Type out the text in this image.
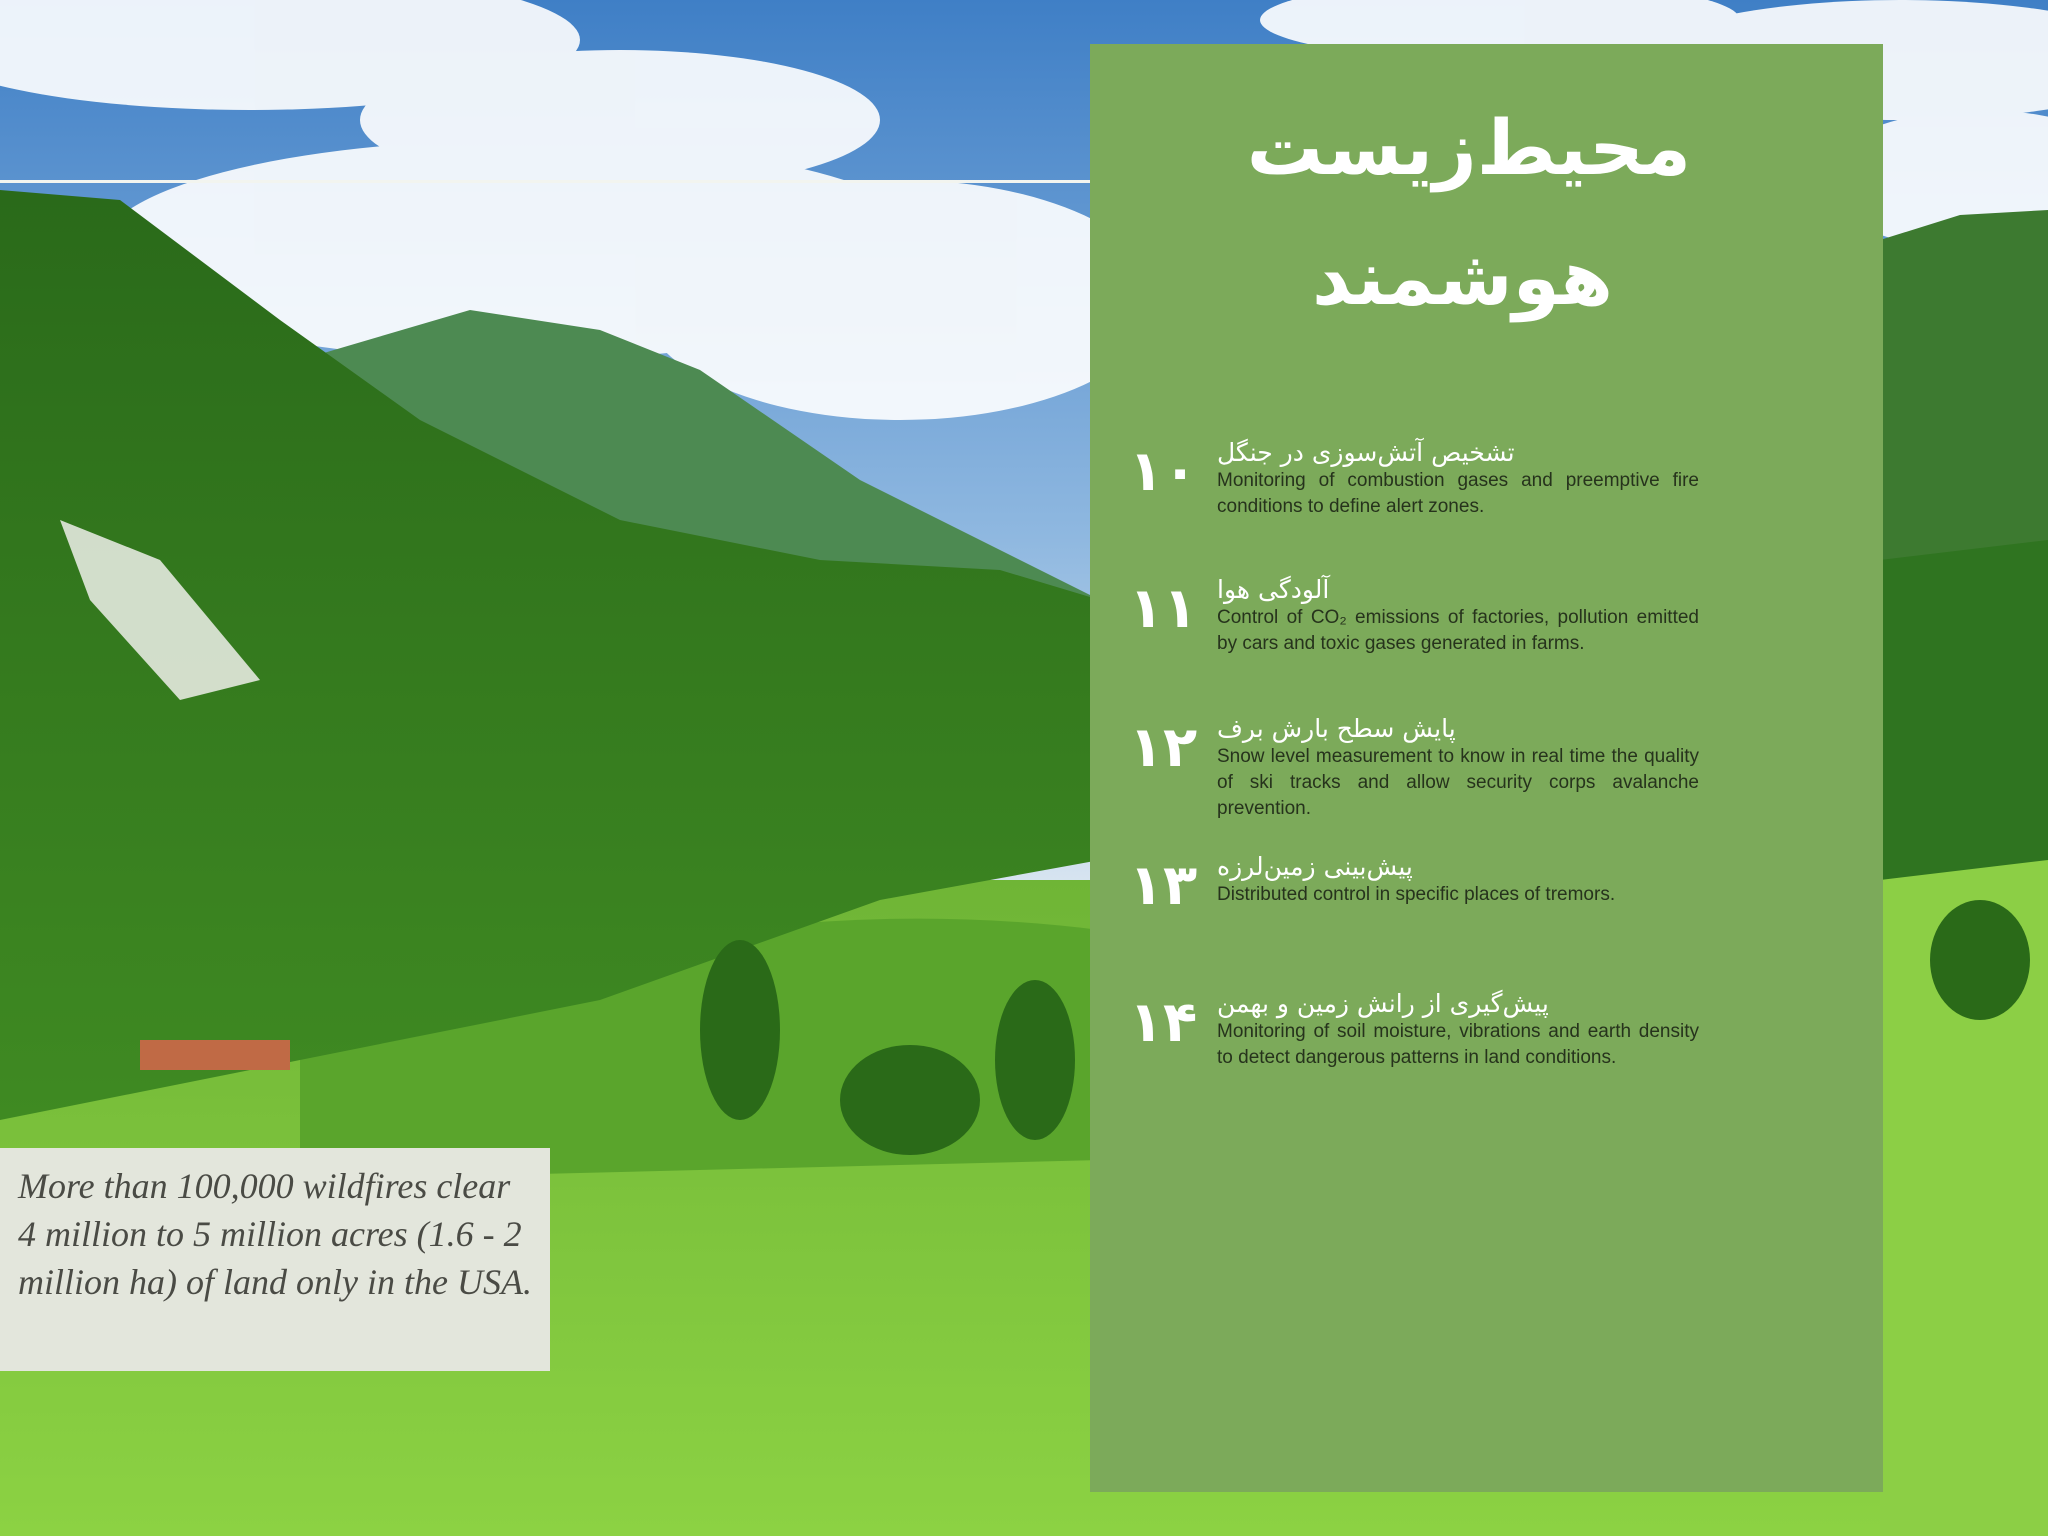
محیط‌زیست
هوشمند
۱۰ تشخیص آتش‌سوزی در جنگل
Monitoring of combustion gases and preemptive fire conditions to define alert zones.
۱۱ آلودگی هوا
Control of CO₂ emissions of factories, pollution emitted by cars and toxic gases generated in farms.
۱۲ پایش سطح بارش برف
Snow level measurement to know in real time the quality of ski tracks and allow security corps avalanche prevention.
۱۳ پیش‌بینی زمین‌لرزه
Distributed control in specific places of tremors.
۱۴ پیش‌گیری از رانش زمین و بهمن
Monitoring of soil moisture, vibrations and earth density to detect dangerous patterns in land conditions.
More than 100,000 wildfires clear 4 million to 5 million acres (1.6 - 2 million ha) of land only in the USA.
